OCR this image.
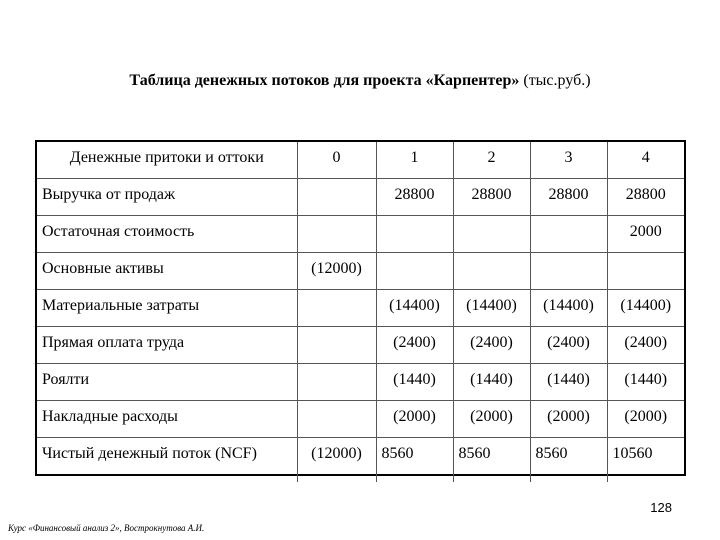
Таблица денежных потоков для проекта «Карпентер» (тыс.руб.)
Денежные притоки и оттоки	0	1	2	3	4
Выручка от продаж		28800	28800	28800	28800
Остаточная стоимость					2000
Основные активы	(12000)				
Материальные затраты		(14400)	(14400)	(14400)	(14400)
Прямая оплата труда		(2400)	(2400)	(2400)	(2400)
Роялти		(1440)	(1440)	(1440)	(1440)
Накладные расходы		(2000)	(2000)	(2000)	(2000)
Чистый денежный поток (NCF)	(12000)	8560	8560	8560	10560
128
Курс «Финансовый анализ 2», Вострокнутова А.И.
